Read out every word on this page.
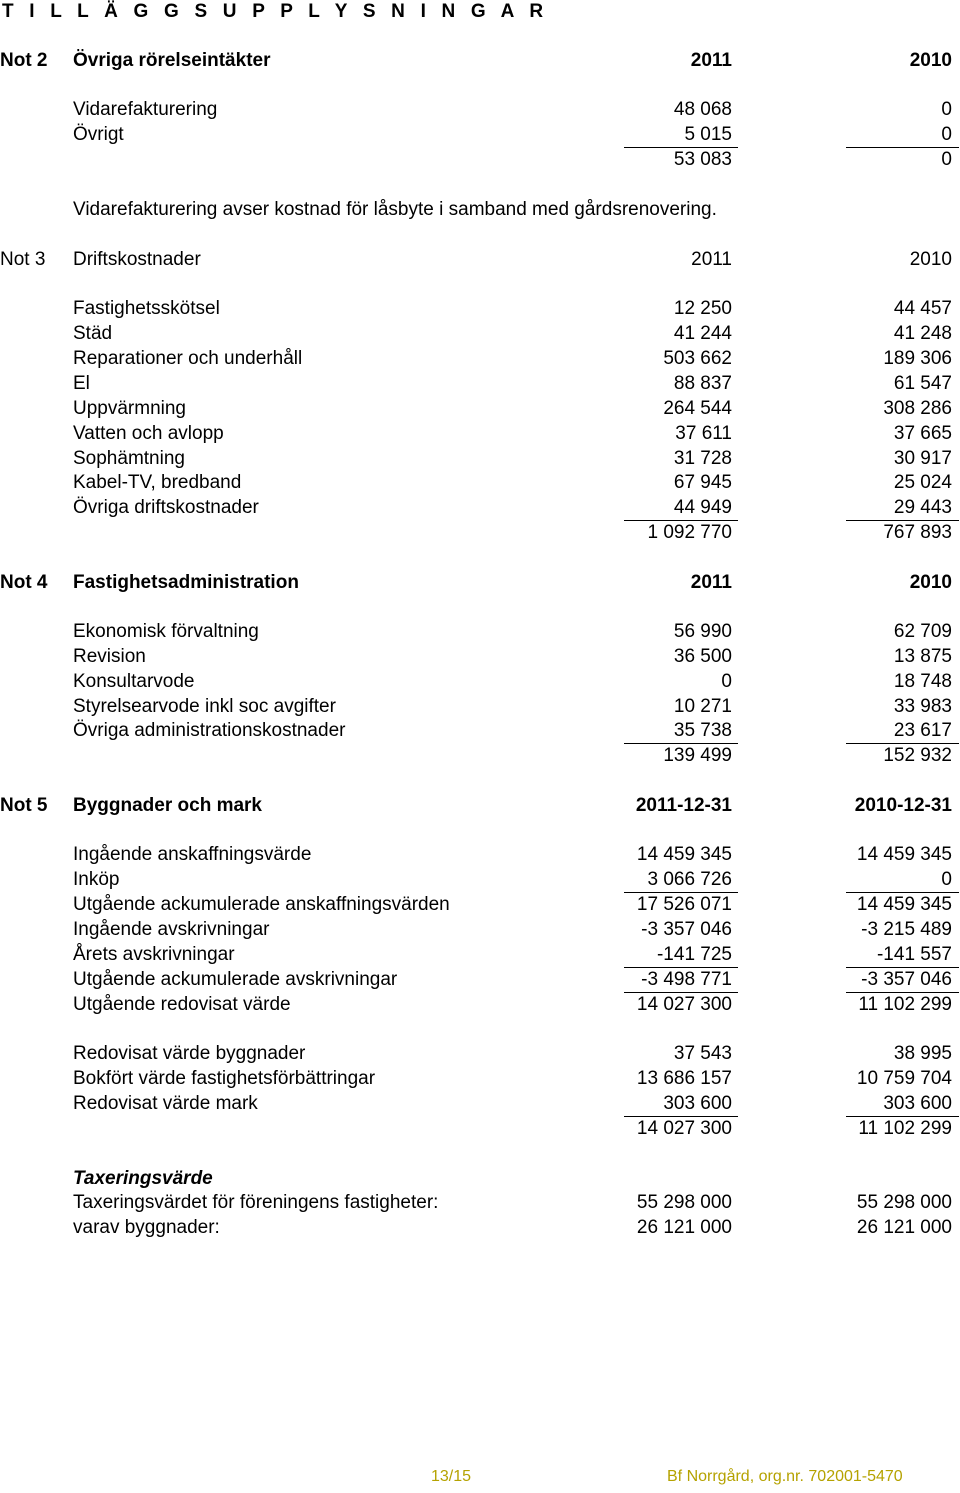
T I L L Ä G G S U P P L Y S N I N G A R
Not 2 Övriga rörelseintäkter	2011	2010
Vidarefakturering	48 068	0
Övrigt	5 015	0
53 083	0
Vidarefakturering avser kostnad för låsbyte i samband med gårdsrenovering.
Not 3 Driftskostnader	2011	2010
Fastighetsskötsel	12 250	44 457
Städ	41 244	41 248
Reparationer och underhåll	503 662	189 306
El	88 837	61 547
Uppvärmning	264 544	308 286
Vatten och avlopp	37 611	37 665
Sophämtning	31 728	30 917
Kabel-TV, bredband	67 945	25 024
Övriga driftskostnader	44 949	29 443
1 092 770	767 893
Not 4 Fastighetsadministration	2011	2010
Ekonomisk förvaltning	56 990	62 709
Revision	36 500	13 875
Konsultarvode	0	18 748
Styrelsearvode inkl soc avgifter	10 271	33 983
Övriga administrationskostnader	35 738	23 617
139 499	152 932
Not 5 Byggnader och mark	2011-12-31	2010-12-31
Ingående anskaffningsvärde	14 459 345	14 459 345
Inköp	3 066 726	0
Utgående ackumulerade anskaffningsvärden	17 526 071	14 459 345
Ingående avskrivningar	-3 357 046	-3 215 489
Årets avskrivningar	-141 725	-141 557
Utgående ackumulerade avskrivningar	-3 498 771	-3 357 046
Utgående redovisat värde	14 027 300	11 102 299
Redovisat värde byggnader	37 543	38 995
Bokfört värde fastighetsförbättringar	13 686 157	10 759 704
Redovisat värde mark	303 600	303 600
14 027 300	11 102 299
Taxeringsvärde
Taxeringsvärdet för föreningens fastigheter:	55 298 000	55 298 000
varav byggnader:	26 121 000	26 121 000
13/15	Bf Norrgård, org.nr. 702001-5470
